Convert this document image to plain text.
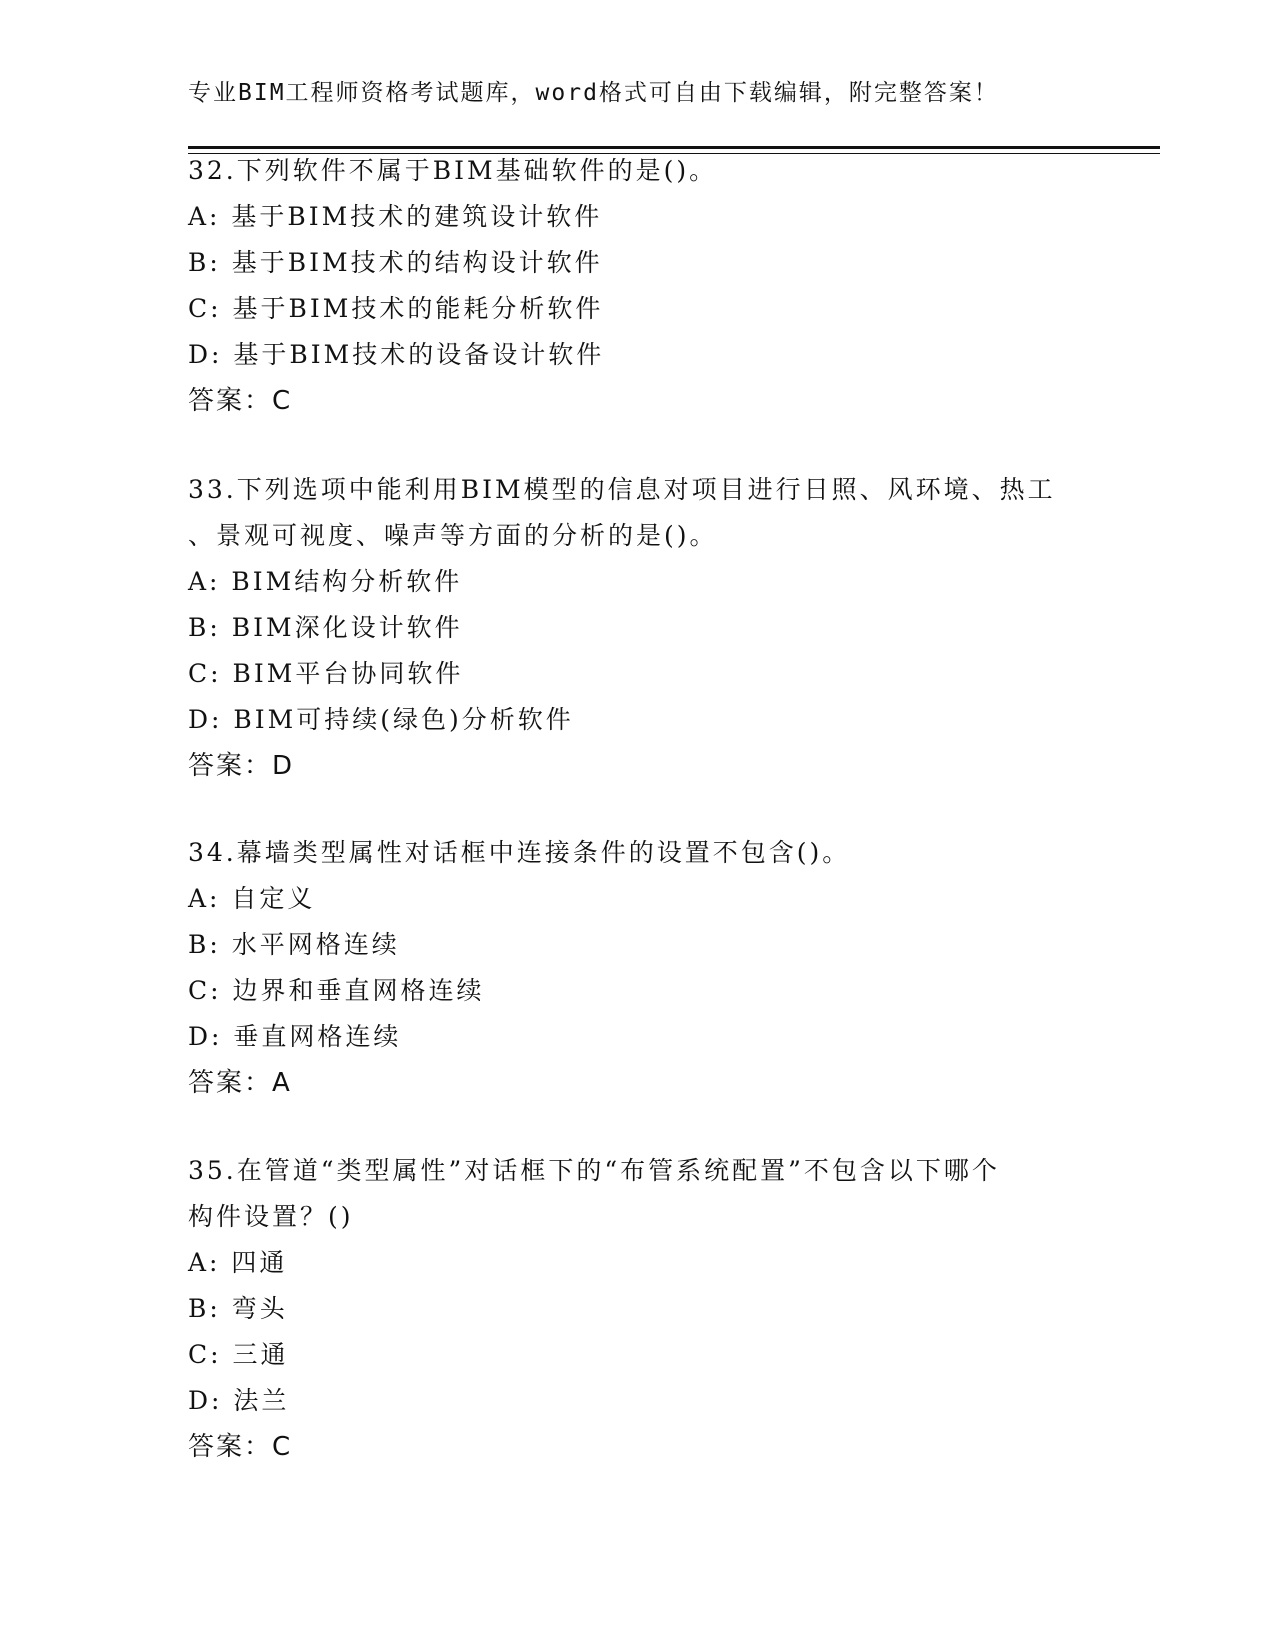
专业BIM工程师资格考试题库，word格式可自由下载编辑，附完整答案！
32.下列软件不属于BIM基础软件的是()。
A: 基于BIM技术的建筑设计软件
B: 基于BIM技术的结构设计软件
C: 基于BIM技术的能耗分析软件
D: 基于BIM技术的设备设计软件
答案：C
33.下列选项中能利用BIM模型的信息对项目进行日照、风环境、热工
、景观可视度、噪声等方面的分析的是()。
A: BIM结构分析软件
B: BIM深化设计软件
C: BIM平台协同软件
D: BIM可持续(绿色)分析软件
答案：D
34.幕墙类型属性对话框中连接条件的设置不包含()。
A: 自定义
B: 水平网格连续
C: 边界和垂直网格连续
D: 垂直网格连续
答案：A
35.在管道“类型属性”对话框下的“布管系统配置”不包含以下哪个
构件设置？()
A: 四通
B: 弯头
C: 三通
D: 法兰
答案：C
